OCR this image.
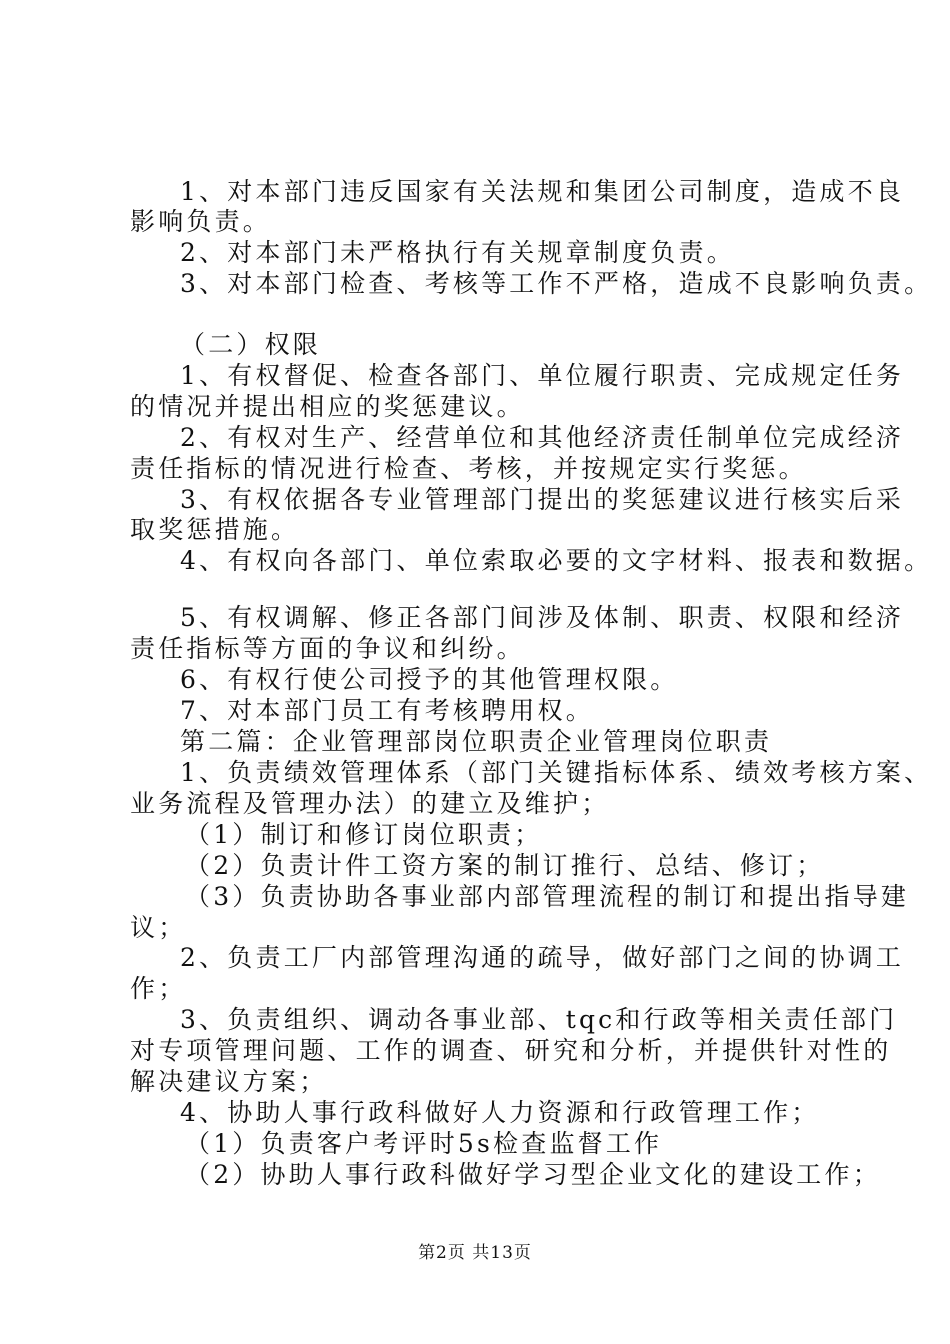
1、对本部门违反国家有关法规和集团公司制度，造成不良
影响负责。
2、对本部门未严格执行有关规章制度负责。
3、对本部门检查、考核等工作不严格，造成不良影响负责。
（二）权限
1、有权督促、检查各部门、单位履行职责、完成规定任务
的情况并提出相应的奖惩建议。
2、有权对生产、经营单位和其他经济责任制单位完成经济
责任指标的情况进行检查、考核，并按规定实行奖惩。
3、有权依据各专业管理部门提出的奖惩建议进行核实后采
取奖惩措施。
4、有权向各部门、单位索取必要的文字材料、报表和数据。
5、有权调解、修正各部门间涉及体制、职责、权限和经济
责任指标等方面的争议和纠纷。
6、有权行使公司授予的其他管理权限。
7、对本部门员工有考核聘用权。
第二篇：企业管理部岗位职责企业管理岗位职责
1、负责绩效管理体系（部门关键指标体系、绩效考核方案、
业务流程及管理办法）的建立及维护；
（1）制订和修订岗位职责；
（2）负责计件工资方案的制订推行、总结、修订；
（3）负责协助各事业部内部管理流程的制订和提出指导建
议；
2、负责工厂内部管理沟通的疏导，做好部门之间的协调工
作；
3、负责组织、调动各事业部、tqc和行政等相关责任部门
对专项管理问题、工作的调查、研究和分析，并提供针对性的
解决建议方案；
4、协助人事行政科做好人力资源和行政管理工作；
（1）负责客户考评时5s检查监督工作
（2）协助人事行政科做好学习型企业文化的建设工作；
第2页 共13页
